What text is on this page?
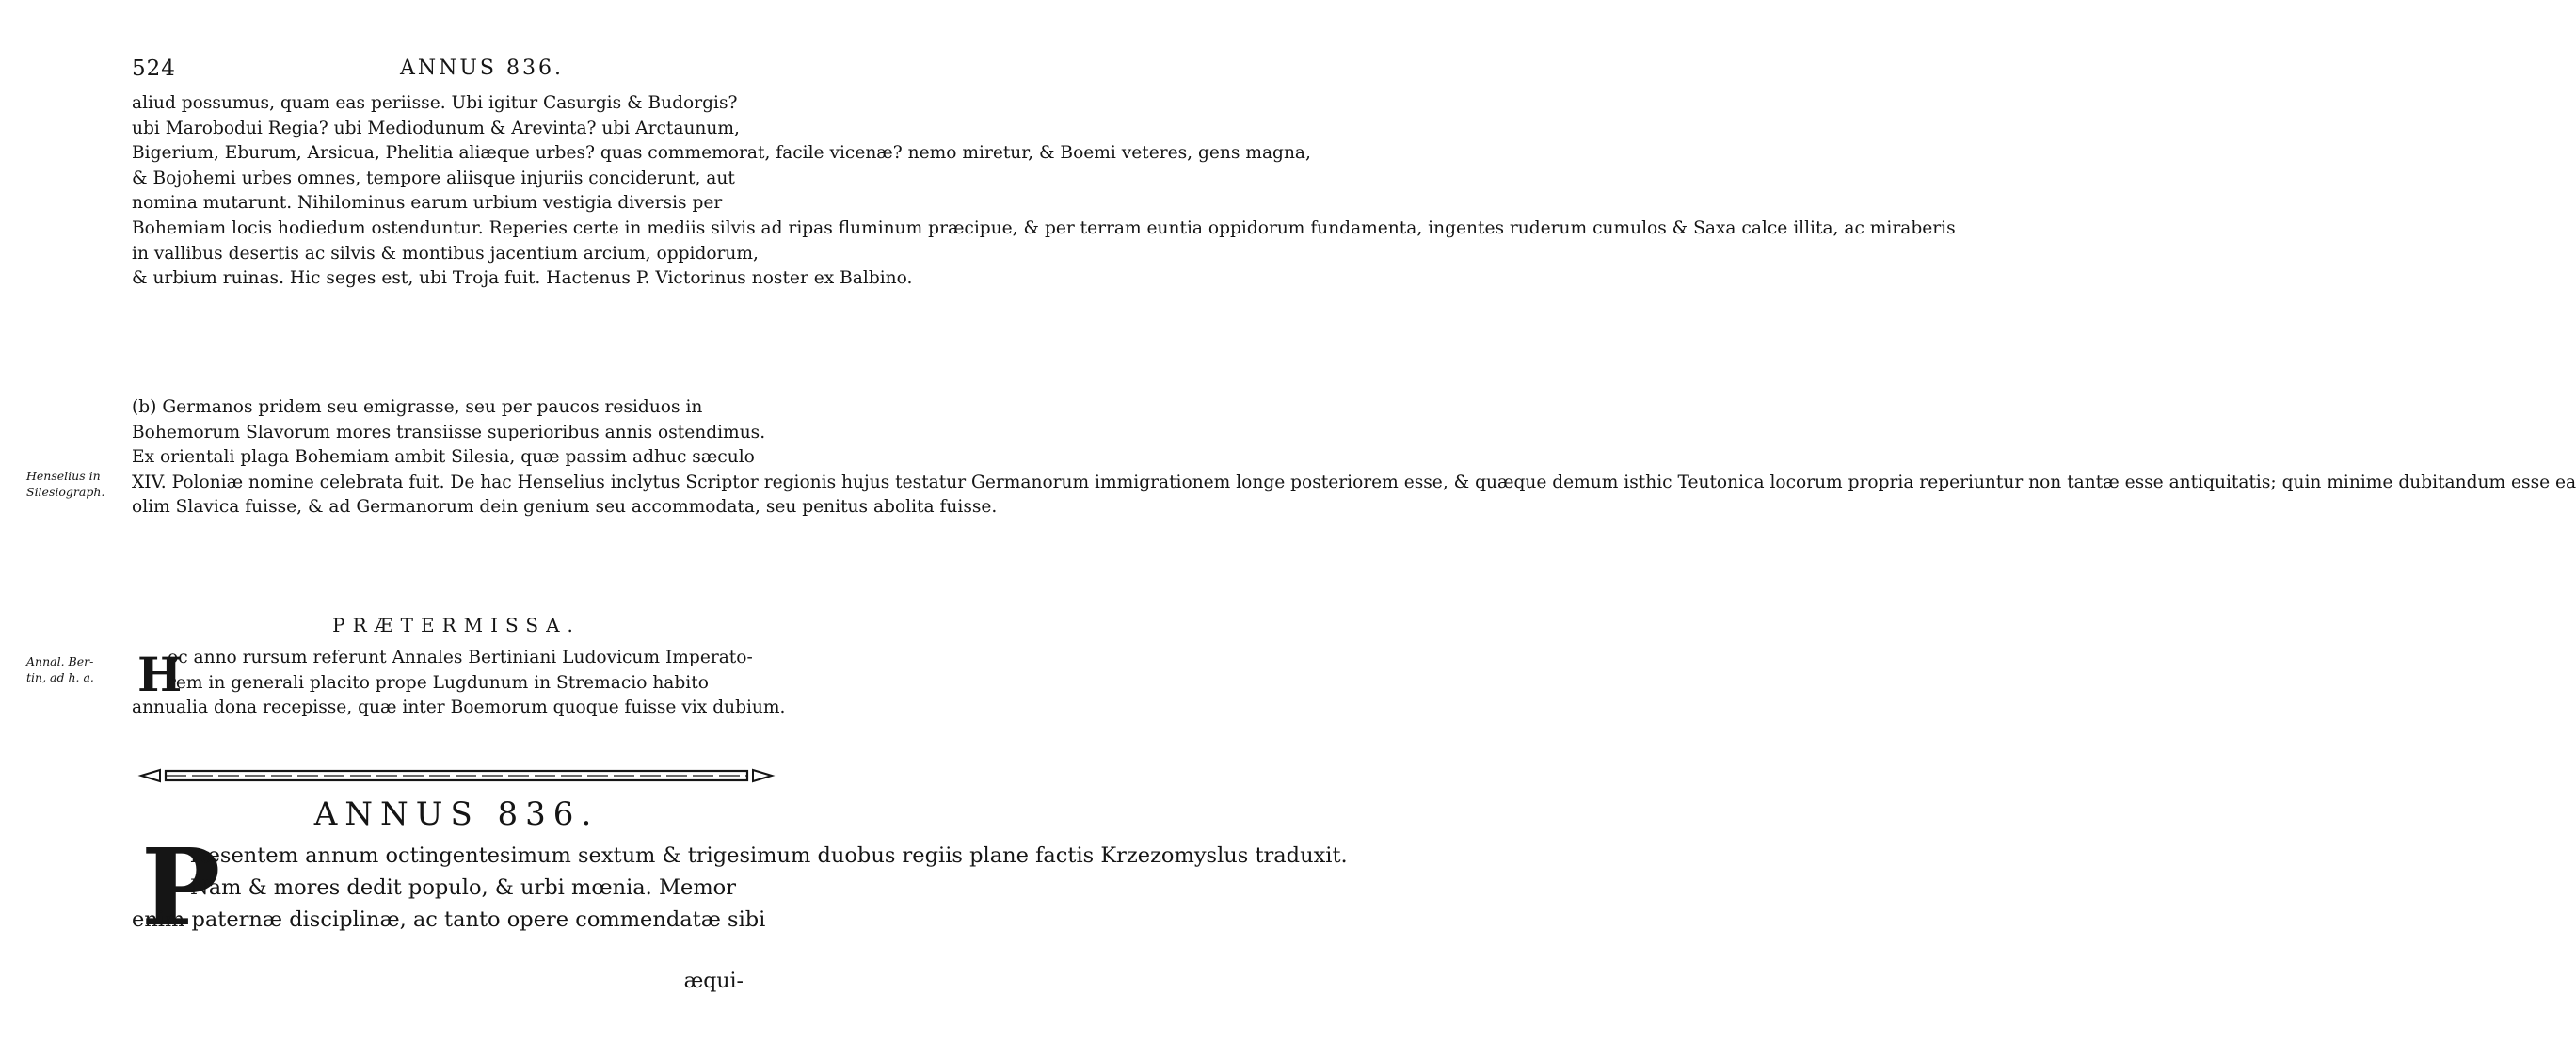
524	ANNUS 836.
aliud possumus, quam eas periisse. Ubi igitur Casurgis & Budorgis?
ubi Marobodui Regia? ubi Mediodunum & Arevinta? ubi Arctaunum,
Bigerium, Eburum, Arsicua, Phelitia aliæque urbes? quas commemorat, facile vicenæ? nemo miretur, & Boemi veteres, gens magna,
& Bojohemi urbes omnes, tempore aliisque injuriis conciderunt, aut
nomina mutarunt. Nihilominus earum urbium vestigia diversis per
Bohemiam locis hodiedum ostenduntur. Reperies certe in mediis silvis ad ripas fluminum præcipue, & per terram euntia oppidorum fundamenta, ingentes ruderum cumulos & Saxa calce illita, ac miraberis
in vallibus desertis ac silvis & montibus jacentium arcium, oppidorum,
& urbium ruinas. Hic seges est, ubi Troja fuit. Hactenus P. Victorinus noster ex Balbino.
(b) Germanos pridem seu emigrasse, seu per paucos residuos in
Bohemorum Slavorum mores transiisse superioribus annis ostendimus.
Ex orientali plaga Bohemiam ambit Silesia, quæ passim adhuc sæculo
XIV. Poloniæ nomine celebrata fuit. De hac Henselius inclytus Scriptor regionis hujus testatur Germanorum immigrationem longe posteriorem esse, & quæque demum isthic Teutonica locorum propria reperiuntur non tantæ esse antiquitatis; quin minime dubitandum esse ea
olim Slavica fuisse, & ad Germanorum dein genium seu accommodata, seu penitus abolita fuisse.
Henselius in
Silesiograph.
PRÆTERMISSA.
H
oc anno rursum referunt Annales Bertiniani Ludovicum Imperato-
rem in generali placito prope Lugdunum in Stremacio habito
annualia dona recepisse, quæ inter Boemorum quoque fuisse vix dubium.
Annal. Ber-
tin, ad h. a.
ANNUS 836.
P
ræsentem annum octingentesimum sextum & trigesimum duobus regiis plane factis Krzezomyslus traduxit.
Nam & mores dedit populo, & urbi mœnia. Memor
enim paternæ disciplinæ, ac tanto opere commendatæ sibi
æqui-
